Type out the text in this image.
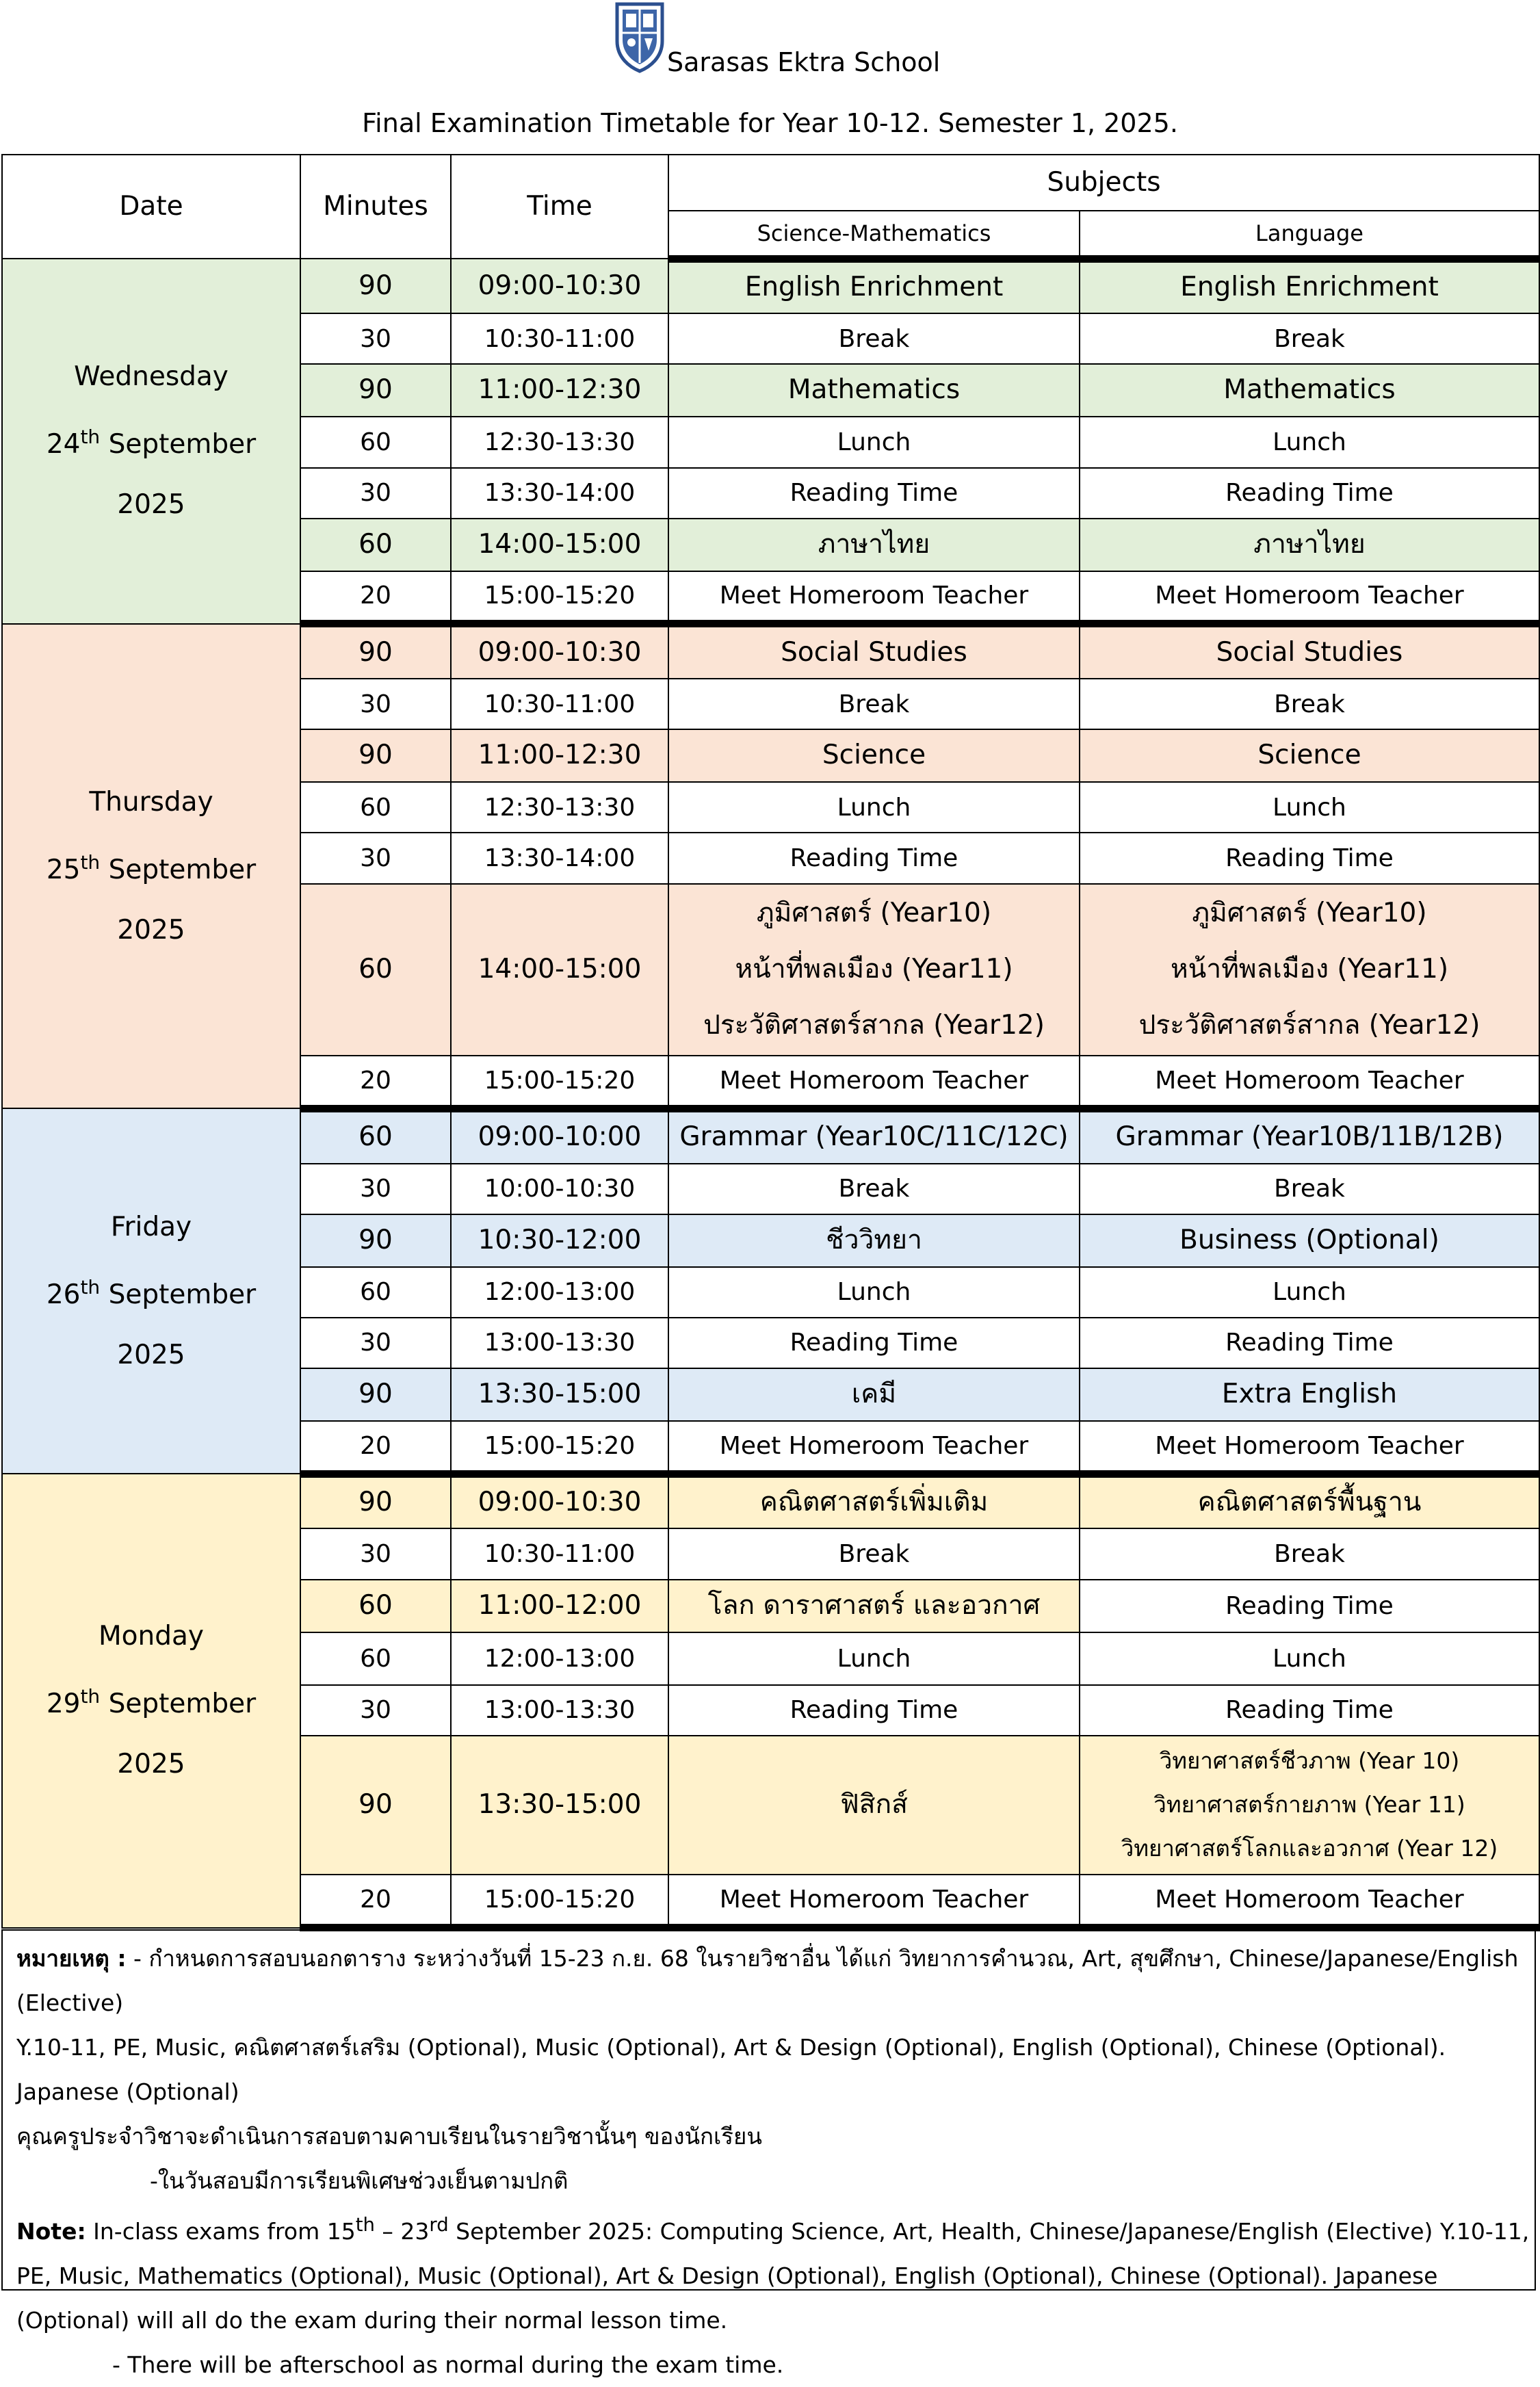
Sarasas Ektra School
Final Examination Timetable for Year 10-12. Semester 1, 2025.
Date	Minutes	Time	Subjects	
			Science-Mathematics	Language

Wednesday
24th September
2025	90	09:00-10:30	English Enrichment	English Enrichment
	30	10:30-11:00	Break	Break
	90	11:00-12:30	Mathematics	Mathematics
	60	12:30-13:30	Lunch	Lunch
	30	13:30-14:00	Reading Time	Reading Time
	60	14:00-15:00	ภาษาไทย	ภาษาไทย
	20	15:00-15:20	Meet Homeroom Teacher	Meet Homeroom Teacher

Thursday
25th September
2025	90	09:00-10:30	Social Studies	Social Studies
	30	10:30-11:00	Break	Break
	90	11:00-12:30	Science	Science
	60	12:30-13:30	Lunch	Lunch
	30	13:30-14:00	Reading Time	Reading Time
	60	14:00-15:00	ภูมิศาสตร์ (Year10)
หน้าที่พลเมือง (Year11)
ประวัติศาสตร์สากล (Year12)	ภูมิศาสตร์ (Year10)
หน้าที่พลเมือง (Year11)
ประวัติศาสตร์สากล (Year12)

	20	15:00-15:20	Meet Homeroom Teacher	Meet Homeroom Teacher

Friday
26th September
2025	60	09:00-10:00	Grammar (Year10C/11C/12C)	Grammar (Year10B/11B/12B)
	30	10:00-10:30	Break	Break
	90	10:30-12:00	ชีววิทยา	Business (Optional)
	60	12:00-13:00	Lunch	Lunch
	30	13:00-13:30	Reading Time	Reading Time
	90	13:30-15:00	เคมี	Extra English
	20	15:00-15:20	Meet Homeroom Teacher	Meet Homeroom Teacher

Monday
29th September
2025	90	09:00-10:30	คณิตศาสตร์เพิ่มเติม	คณิตศาสตร์พื้นฐาน
	30	10:30-11:00	Break	Break
	60	11:00-12:00	โลก ดาราศาสตร์ และอวกาศ	Reading Time
	60	12:00-13:00	Lunch	Lunch
	30	13:00-13:30	Reading Time	Reading Time
	90	13:30-15:00	ฟิสิกส์	วิทยาศาสตร์ชีวภาพ (Year 10)
วิทยาศาสตร์กายภาพ (Year 11)
วิทยาศาสตร์โลกและอวกาศ (Year 12)

	20	15:00-15:20	Meet Homeroom Teacher	Meet Homeroom Teacher

หมายเหตุ : - กำหนดการสอบนอกตาราง ระหว่างวันที่ 15-23 ก.ย. 68 ในรายวิชาอื่น ได้แก่ วิทยาการคำนวณ, Art, สุขศึกษา, Chinese/Japanese/English (Elective)

Y.10-11, PE, Music, คณิตศาสตร์เสริม (Optional), Music (Optional), Art & Design (Optional), English (Optional), Chinese (Optional). Japanese (Optional)

คุณครูประจำวิชาจะดำเนินการสอบตามคาบเรียนในรายวิชานั้นๆ ของนักเรียน

-ในวันสอบมีการเรียนพิเศษช่วงเย็นตามปกติ

Note: In-class exams from 15th – 23rd September 2025: Computing Science, Art, Health, Chinese/Japanese/English (Elective) Y.10-11, PE, Music, Mathematics (Optional), Music (Optional), Art & Design (Optional), English (Optional), Chinese (Optional). Japanese (Optional) will all do the exam during their normal lesson time.

- There will be afterschool as normal during the exam time.
